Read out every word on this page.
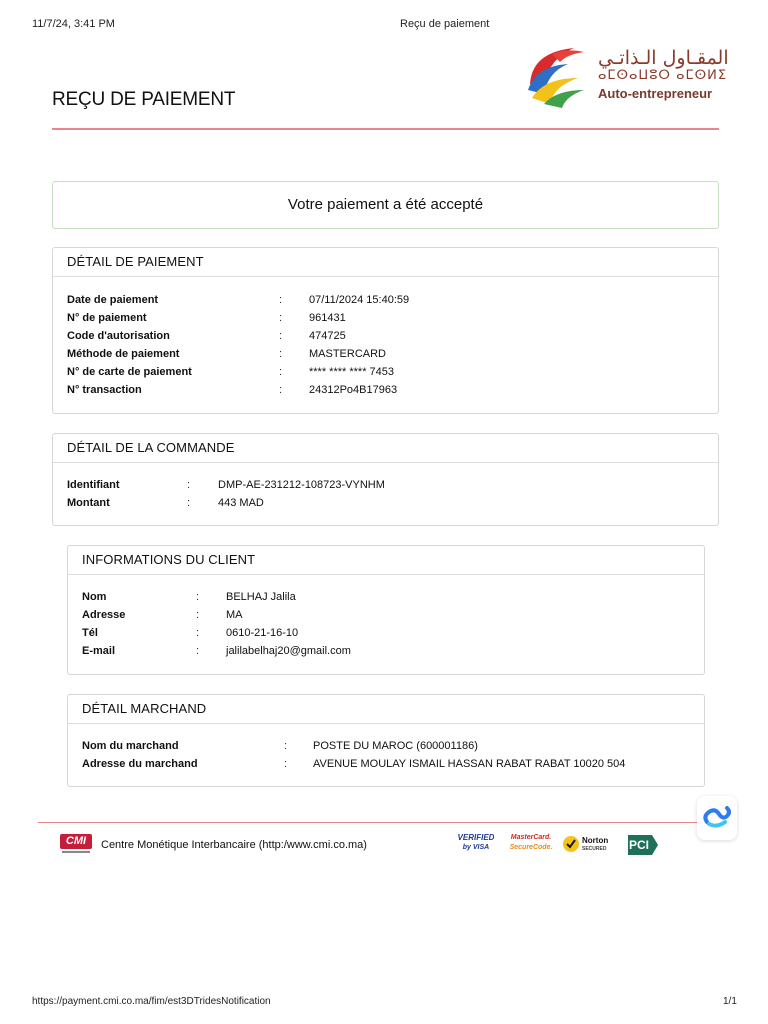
11/7/24, 3:41 PM	Reçu de paiement
REÇU DE PAIEMENT
المقـاول الـذاتـي
ⴰⵎⵙⴰⵡⵓⵔ ⴰⵎⵙⵍⵉ
Auto-entrepreneur
Votre paiement a été accepté
DÉTAIL DE PAIEMENT
Date de paiement	: 07/11/2024 15:40:59
N° de paiement	: 961431
Code d'autorisation	: 474725
Méthode de paiement	: MASTERCARD
N° de carte de paiement	: **** **** **** 7453
N° transaction	: 24312Po4B17963
DÉTAIL DE LA COMMANDE
Identifiant	:	DMP-AE-231212-108723-VYNHM
Montant	:	443 MAD
INFORMATIONS DU CLIENT
Nom	: BELHAJ Jalila
Adresse	: MA
Tél	: 0610-21-16-10
E-mail	: jalilabelhaj20@gmail.com
DÉTAIL MARCHAND
Nom du marchand	: POSTE DU MAROC (600001186)
Adresse du marchand	: AVENUE MOULAY ISMAIL HASSAN RABAT RABAT 10020 504
CMI	Centre Monétique Interbancaire (http:/www.cmi.co.ma)
VERIFIED
by VISA
MasterCard.
SecureCode.
Norton
SECURED PCI
https://payment.cmi.co.ma/fim/est3DTridesNotification	1/1
